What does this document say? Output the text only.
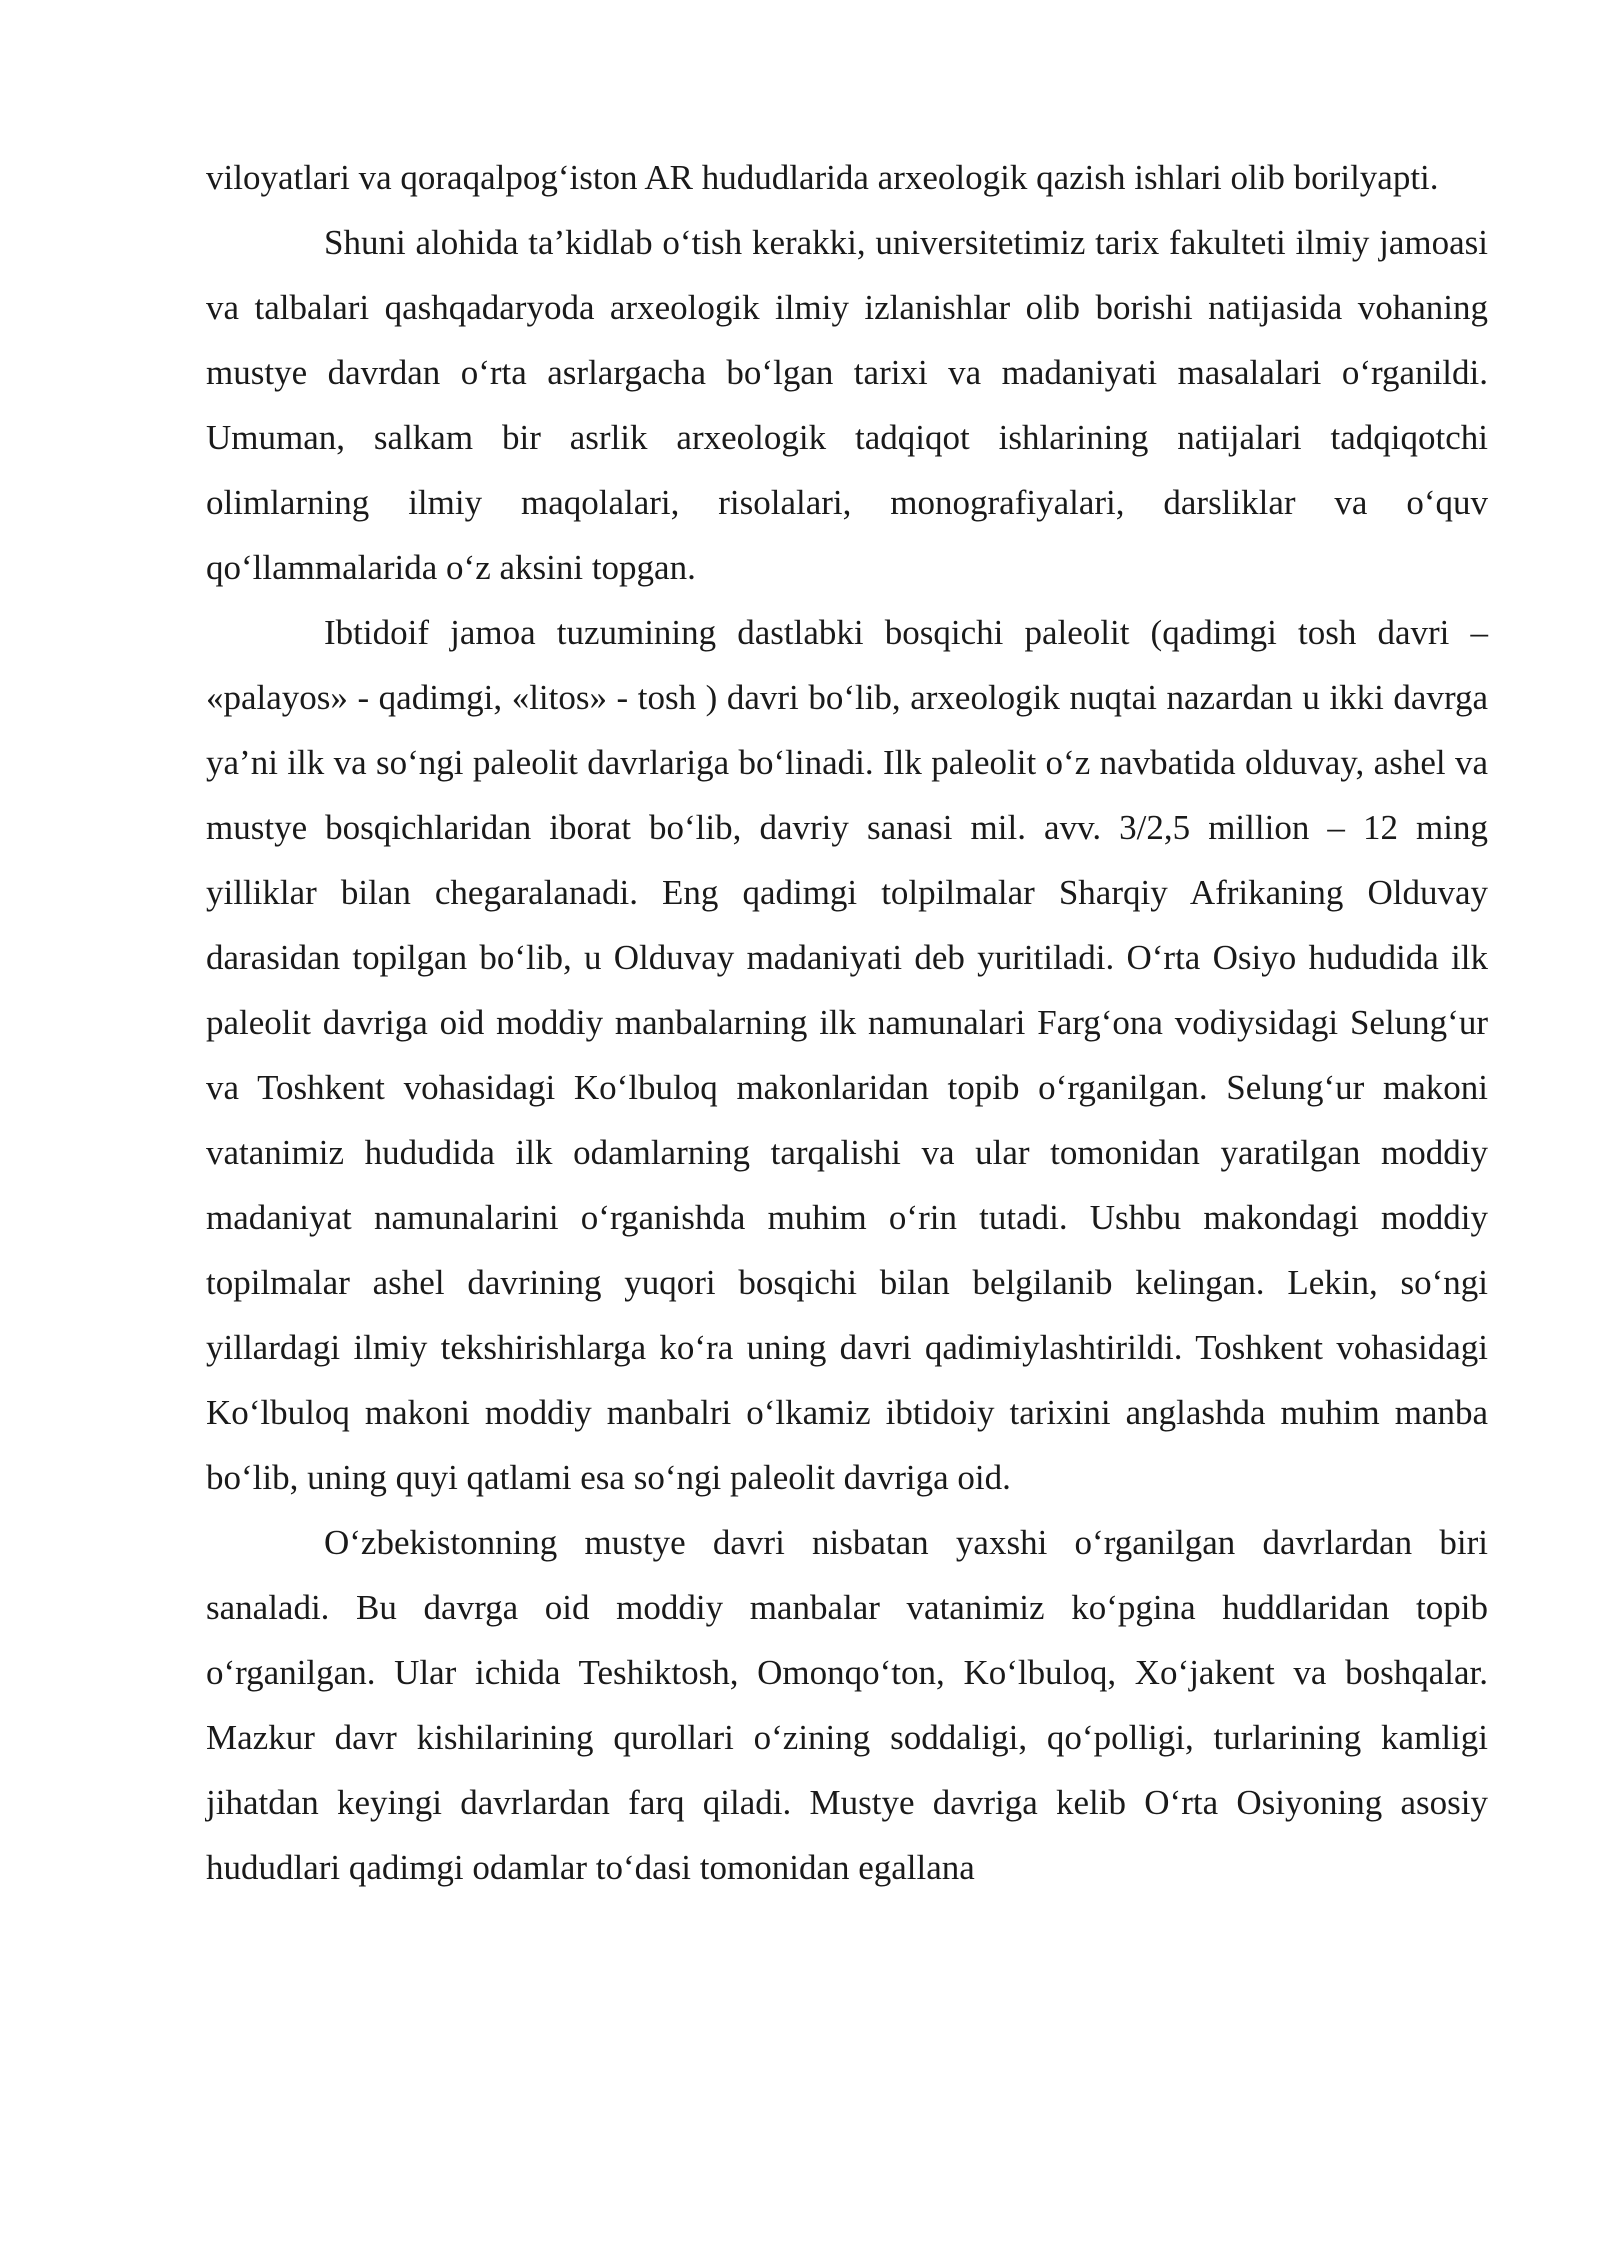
viloyatlari va qoraqalpog‘iston AR hududlarida arxeologik qazish ishlari olib borilyapti.

Shuni alohida ta’kidlab o‘tish kerakki, universitetimiz tarix fakulteti ilmiy jamoasi va talbalari qashqadaryoda arxeologik ilmiy izlanishlar olib borishi natijasida vohaning mustye davrdan o‘rta asrlargacha bo‘lgan tarixi va madaniyati masalalari o‘rganildi. Umuman, salkam bir asrlik arxeologik tadqiqot ishlarining natijalari tadqiqotchi olimlarning ilmiy maqolalari, risolalari, monografiyalari, darsliklar va o‘quv qo‘llammalarida o‘z aksini topgan.

Ibtidoif jamoa tuzumining dastlabki bosqichi paleolit (qadimgi tosh davri – «palayos» - qadimgi, «litos» - tosh ) davri bo‘lib, arxeologik nuqtai nazardan u ikki davrga ya’ni ilk va so‘ngi paleolit davrlariga bo‘linadi. Ilk paleolit o‘z navbatida olduvay, ashel va mustye bosqichlaridan iborat bo‘lib, davriy sanasi mil. avv. 3/2,5 million – 12 ming yilliklar bilan chegaralanadi. Eng qadimgi tolpilmalar Sharqiy Afrikaning Olduvay darasidan topilgan bo‘lib, u Olduvay madaniyati deb yuritiladi. O‘rta Osiyo hududida ilk paleolit davriga oid moddiy manbalarning ilk namunalari Farg‘ona vodiysidagi Selung‘ur va Toshkent vohasidagi Ko‘lbuloq makonlaridan topib o‘rganilgan. Selung‘ur makoni vatanimiz hududida ilk odamlarning tarqalishi va ular tomonidan yaratilgan moddiy madaniyat namunalarini o‘rganishda muhim o‘rin tutadi. Ushbu makondagi moddiy topilmalar ashel davrining yuqori bosqichi bilan belgilanib kelingan. Lekin, so‘ngi yillardagi ilmiy tekshirishlarga ko‘ra uning davri qadimiylashtirildi. Toshkent vohasidagi Ko‘lbuloq makoni moddiy manbalri o‘lkamiz ibtidoiy tarixini anglashda muhim manba bo‘lib, uning quyi qatlami esa so‘ngi paleolit davriga oid.

O‘zbekistonning mustye davri nisbatan yaxshi o‘rganilgan davrlardan biri sanaladi. Bu davrga oid moddiy manbalar vatanimiz ko‘pgina huddlaridan topib o‘rganilgan. Ular ichida Teshiktosh, Omonqo‘ton, Ko‘lbuloq, Xo‘jakent va boshqalar. Mazkur davr kishilarining qurollari o‘zining soddaligi, qo‘polligi, turlarining kamligi jihatdan keyingi davrlardan farq qiladi. Mustye davriga kelib O‘rta Osiyoning asosiy hududlari qadimgi odamlar to‘dasi tomonidan egallana
